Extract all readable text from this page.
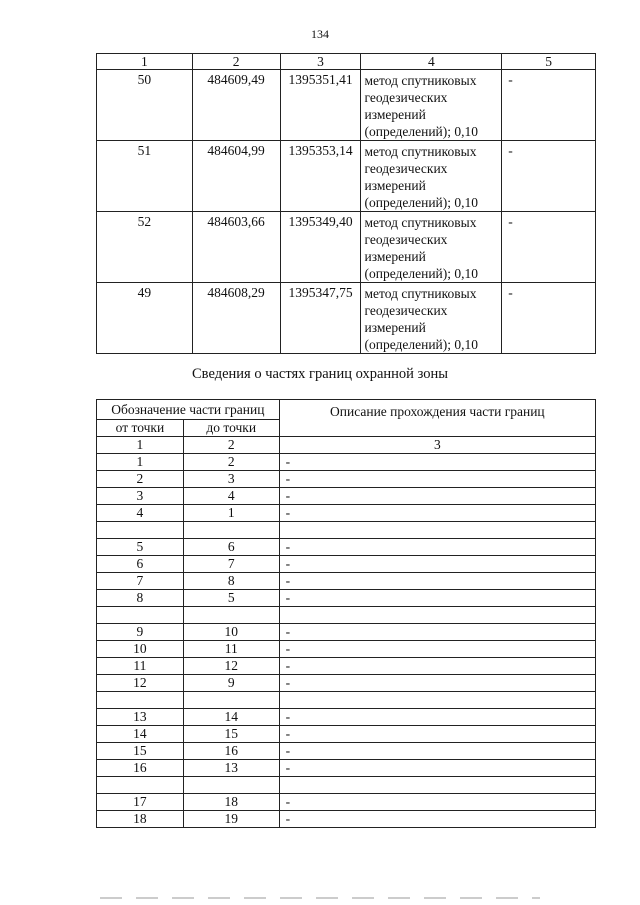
134
1	2	3	4	5
50	484609,49	1395351,41	метод спутниковых
геодезических
измерений
(определений); 0,10	-
51	484604,99	1395353,14	метод спутниковых
геодезических
измерений
(определений); 0,10	-
52	484603,66	1395349,40	метод спутниковых
геодезических
измерений
(определений); 0,10	-
49	484608,29	1395347,75	метод спутниковых
геодезических
измерений
(определений); 0,10	-
Сведения о частях границ охранной зоны
Обозначение части границ		Описание прохождения части границ
от точки	до точки	
1	2	3
1	2	-
2	3	-
3	4	-
4	1	-

5	6	-
6	7	-
7	8	-
8	5	-

9	10	-
10	11	-
11	12	-
12	9	-

13	14	-
14	15	-
15	16	-
16	13	-

17	18	-
18	19	-
